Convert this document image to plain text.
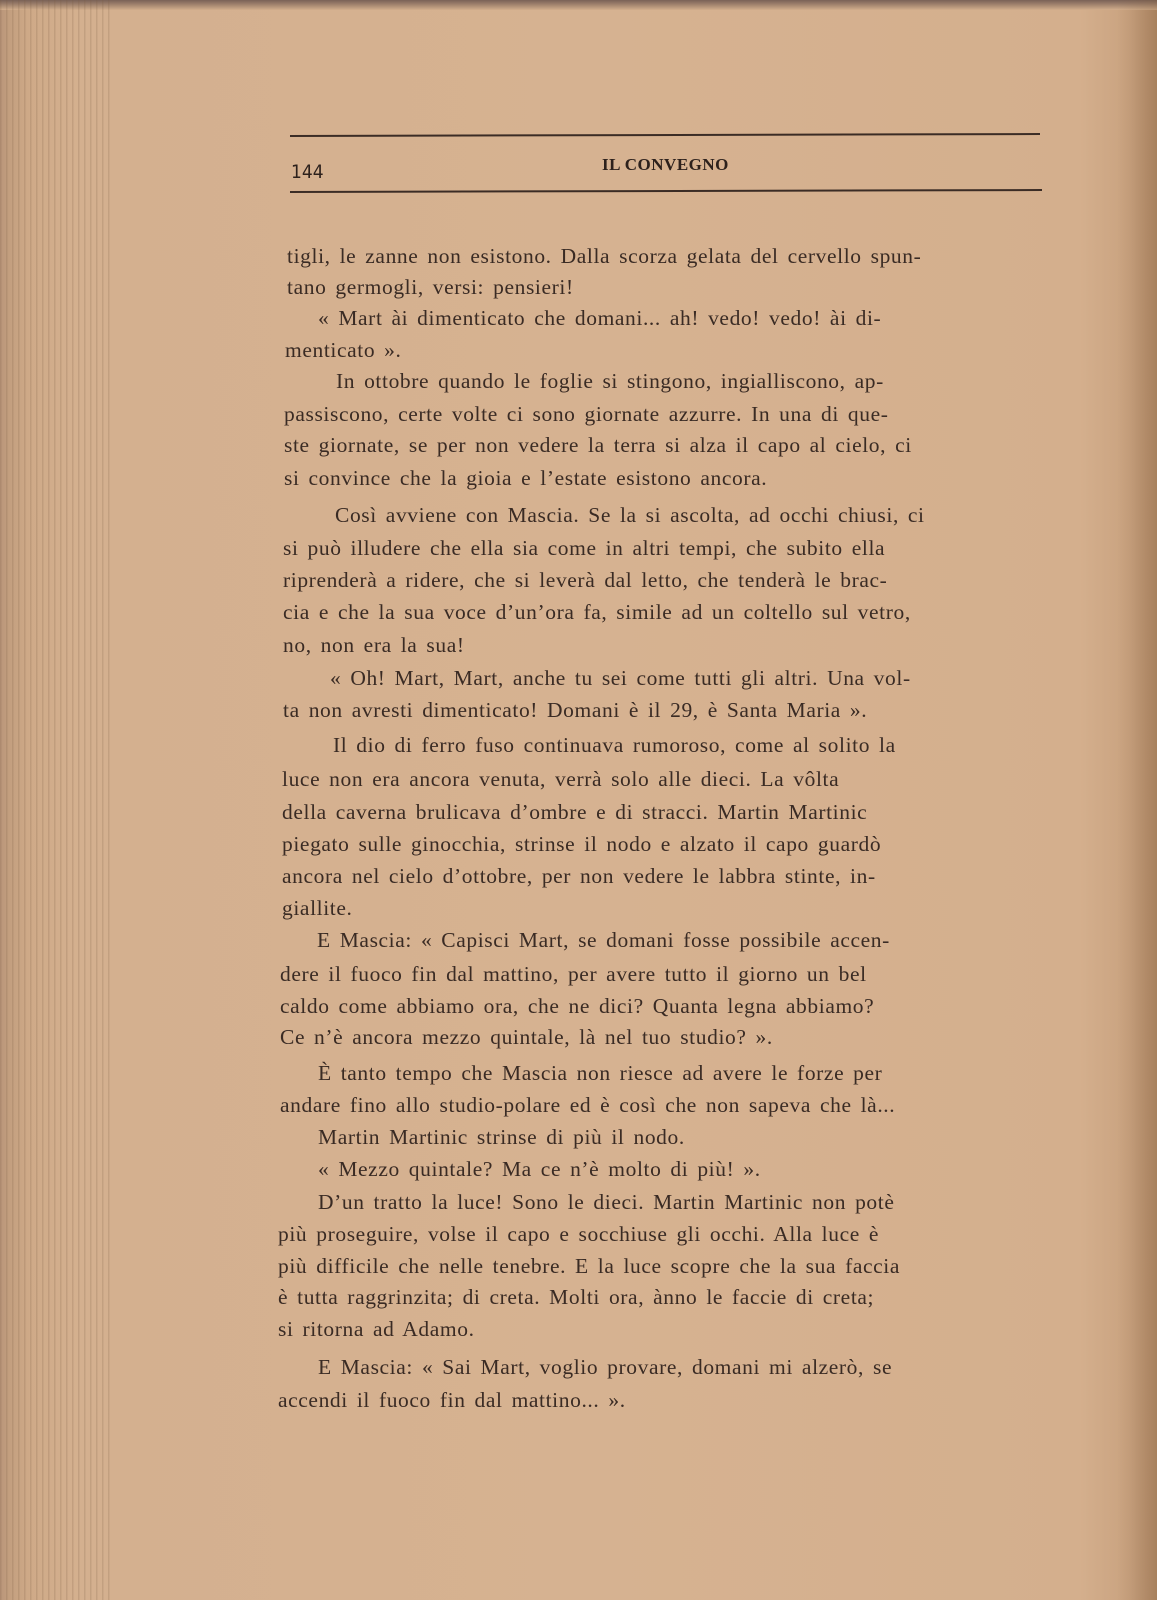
144	IL CONVEGNO

tigli, le zanne non esistono. Dalla scorza gelata del cervello spun-
tano germogli, versi: pensieri!
« Mart ài dimenticato che domani... ah! vedo! vedo! ài di-
menticato ».
In ottobre quando le foglie si stingono, ingialliscono, ap-
passiscono, certe volte ci sono giornate azzurre. In una di que-
ste giornate, se per non vedere la terra si alza il capo al cielo, ci
si convince che la gioia e l’estate esistono ancora.
Così avviene con Mascia. Se la si ascolta, ad occhi chiusi, ci
si può illudere che ella sia come in altri tempi, che subito ella
riprenderà a ridere, che si leverà dal letto, che tenderà le brac-
cia e che la sua voce d’un’ora fa, simile ad un coltello sul vetro,
no, non era la sua!
« Oh! Mart, Mart, anche tu sei come tutti gli altri. Una vol-
ta non avresti dimenticato! Domani è il 29, è Santa Maria ».
Il dio di ferro fuso continuava rumoroso, come al solito la
luce non era ancora venuta, verrà solo alle dieci. La vôlta
della caverna brulicava d’ombre e di stracci. Martin Martinic
piegato sulle ginocchia, strinse il nodo e alzato il capo guardò
ancora nel cielo d’ottobre, per non vedere le labbra stinte, in-
giallite.
E Mascia: « Capisci Mart, se domani fosse possibile accen-
dere il fuoco fin dal mattino, per avere tutto il giorno un bel
caldo come abbiamo ora, che ne dici? Quanta legna abbiamo?
Ce n’è ancora mezzo quintale, là nel tuo studio? ».
È tanto tempo che Mascia non riesce ad avere le forze per
andare fino allo studio-polare ed è così che non sapeva che là...
Martin Martinic strinse di più il nodo.
« Mezzo quintale? Ma ce n’è molto di più! ».
D’un tratto la luce! Sono le dieci. Martin Martinic non potè
più proseguire, volse il capo e socchiuse gli occhi. Alla luce è
più difficile che nelle tenebre. E la luce scopre che la sua faccia
è tutta raggrinzita; di creta. Molti ora, ànno le faccie di creta;
si ritorna ad Adamo.
E Mascia: « Sai Mart, voglio provare, domani mi alzerò, se
accendi il fuoco fin dal mattino... ».
